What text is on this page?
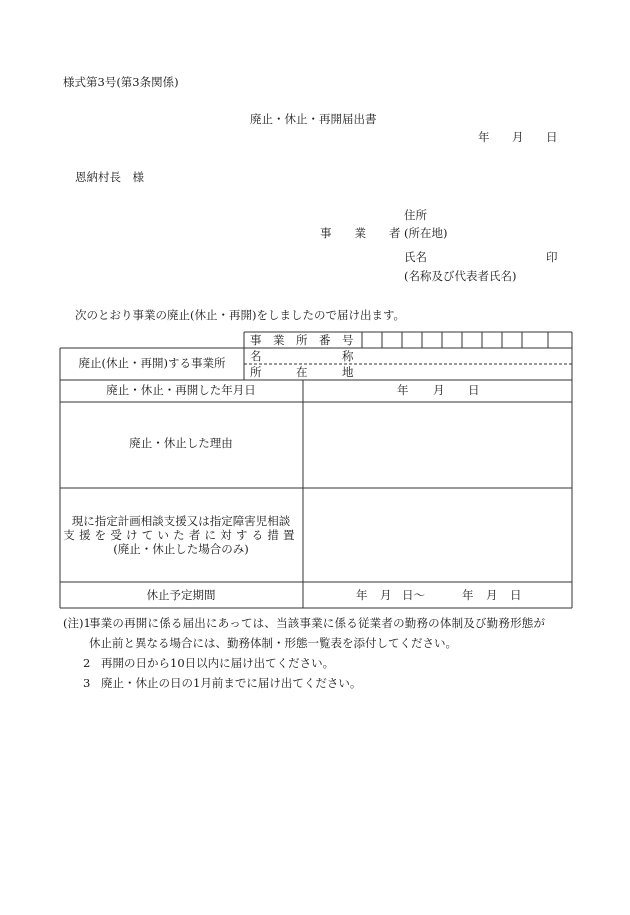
様式第3号(第3条関係)
廃止・休止・再開届出書
年 月 日
恩納村長　様
事　　業　　者
住所
(所在地)
氏名	印
(名称及び代表者氏名)
次のとおり事業の廃止(休止・再開)をしましたので届け出ます。
事　業　所　番　号
廃止(休止・再開)する事業所 名　　　　　　　称
所　　　在　　　地
廃止・休止・再開した年月日	年 月 日
廃止・休止した理由
現に指定計画相談支援又は指定障害児相談
支援を受けていた者に対する措置
(廃止・休止した場合のみ)
休止予定期間	年 月 日〜	年 月 日
(注)1
事業の再開に係る届出にあっては、当該事業に係る従業者の勤務の体制及び勤務形態が
休止前と異なる場合には、勤務体制・形態一覧表を添付してください。
2 再開の日から10日以内に届け出てください。
3 廃止・休止の日の1月前までに届け出てください。
